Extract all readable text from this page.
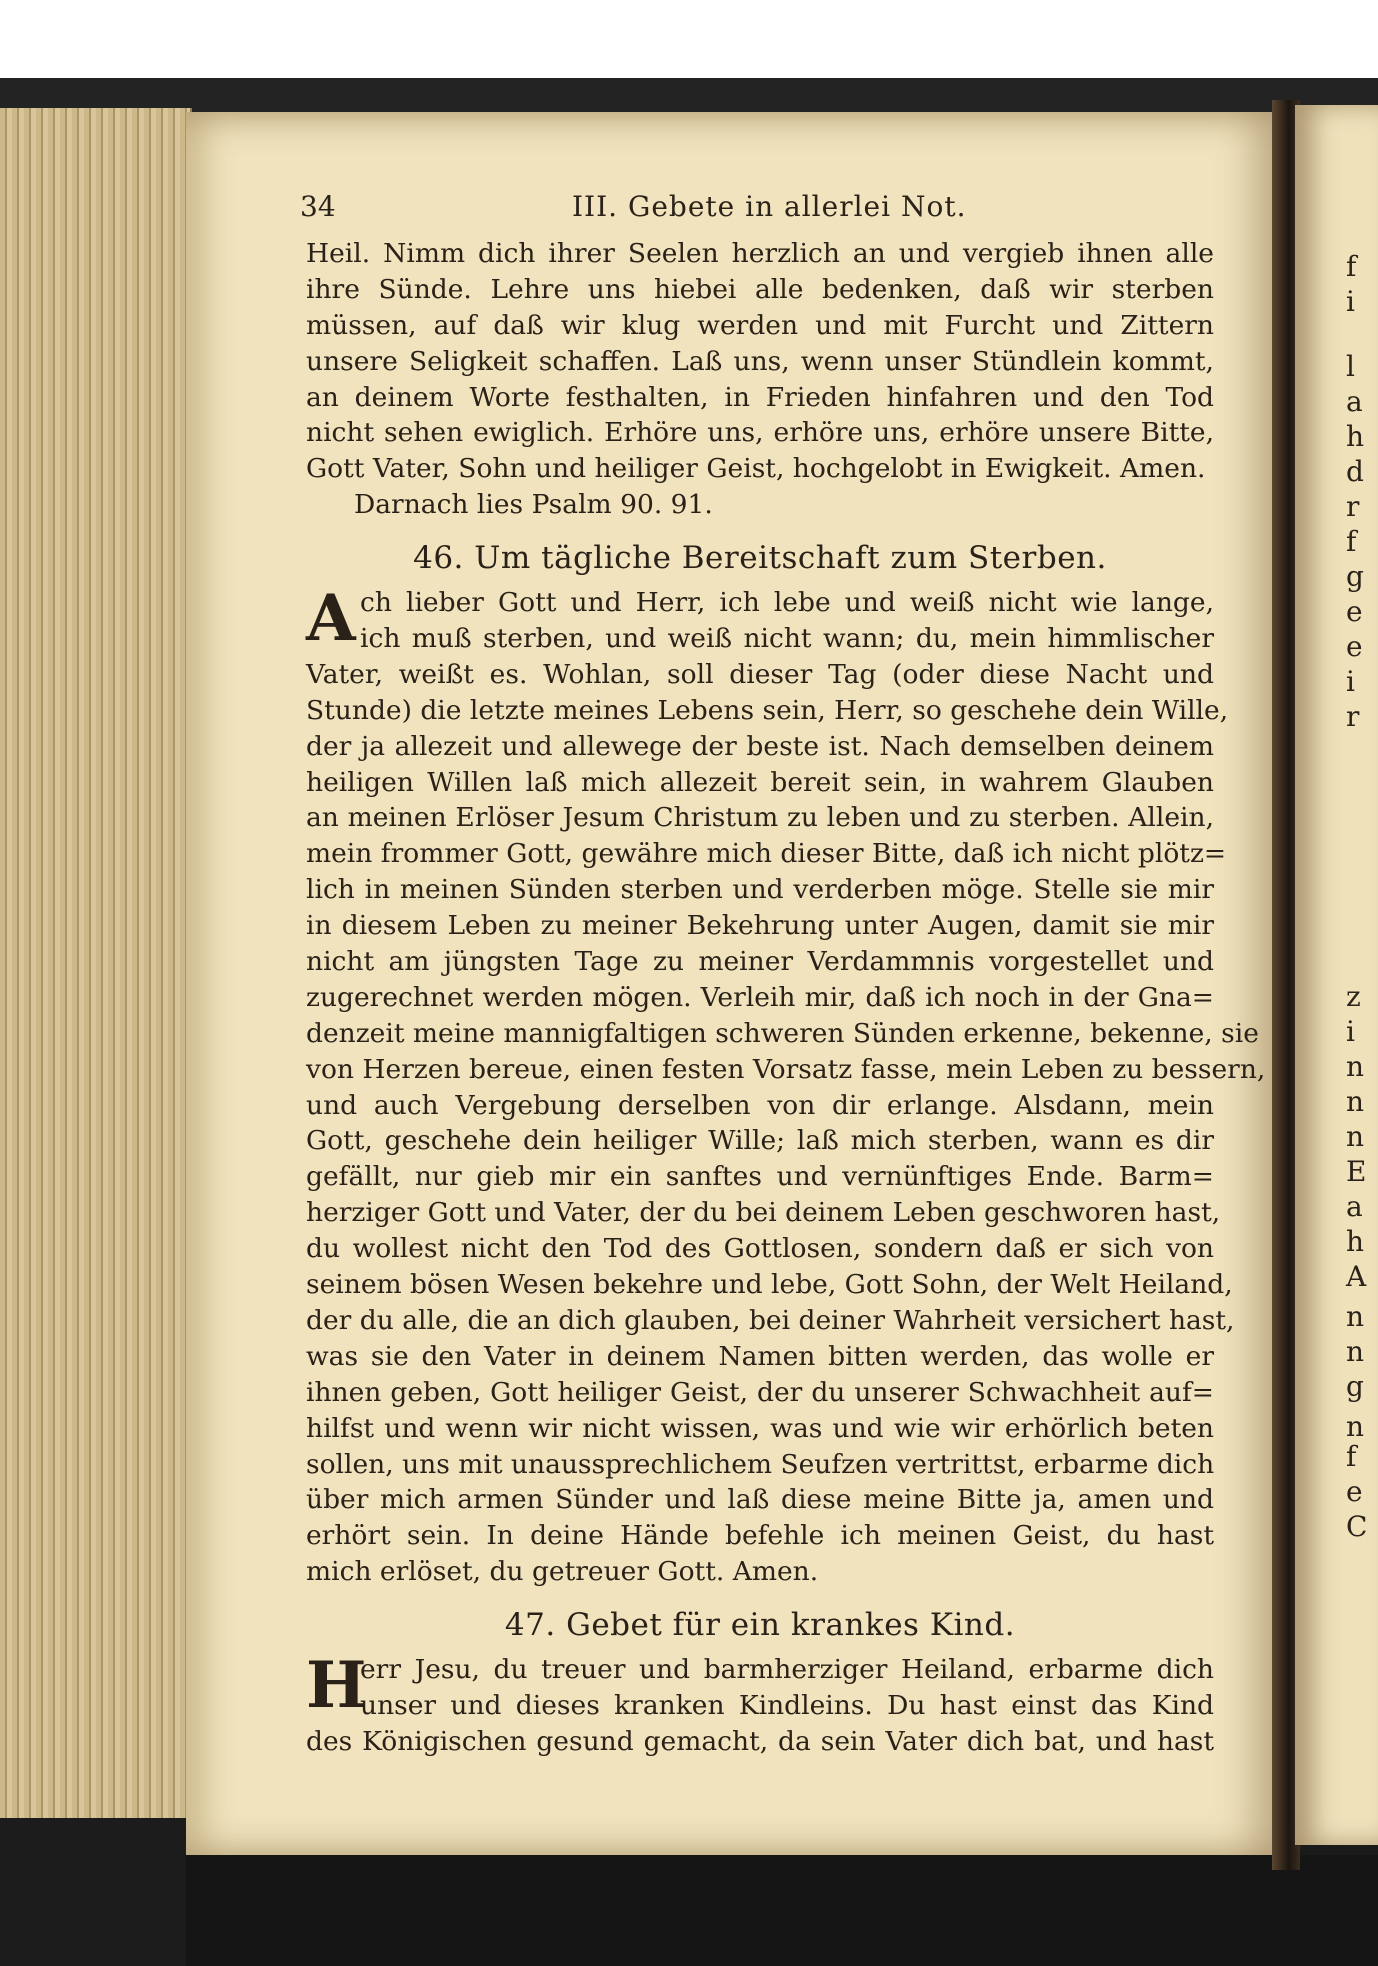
f
i
l
a
h
d
r
f
g
e
e
i
r
z
i
n
n
n
E
a
h
A
n
n
g
n
f
e
C
34	III. Gebete in allerlei Not.
Heil. Nimm dich ihrer Seelen herzlich an und vergieb ihnen alle
ihre Sünde. Lehre uns hiebei alle bedenken, daß wir sterben
müssen, auf daß wir klug werden und mit Furcht und Zittern
unsere Seligkeit schaffen. Laß uns, wenn unser Stündlein kommt,
an deinem Worte festhalten, in Frieden hinfahren und den Tod
nicht sehen ewiglich. Erhöre uns, erhöre uns, erhöre unsere Bitte,
Gott Vater, Sohn und heiliger Geist, hochgelobt in Ewigkeit. Amen.
Darnach lies Psalm 90. 91.
46. Um tägliche Bereitschaft zum Sterben.
A ch lieber Gott und Herr, ich lebe und weiß nicht wie lange,
ich muß sterben, und weiß nicht wann; du, mein himmlischer
Vater, weißt es. Wohlan, soll dieser Tag (oder diese Nacht und
Stunde) die letzte meines Lebens sein, Herr, so geschehe dein Wille,
der ja allezeit und allewege der beste ist. Nach demselben deinem
heiligen Willen laß mich allezeit bereit sein, in wahrem Glauben
an meinen Erlöser Jesum Christum zu leben und zu sterben. Allein,
mein frommer Gott, gewähre mich dieser Bitte, daß ich nicht plötz=
lich in meinen Sünden sterben und verderben möge. Stelle sie mir
in diesem Leben zu meiner Bekehrung unter Augen, damit sie mir
nicht am jüngsten Tage zu meiner Verdammnis vorgestellet und
zugerechnet werden mögen. Verleih mir, daß ich noch in der Gna=
denzeit meine mannigfaltigen schweren Sünden erkenne, bekenne, sie
von Herzen bereue, einen festen Vorsatz fasse, mein Leben zu bessern,
und auch Vergebung derselben von dir erlange. Alsdann, mein
Gott, geschehe dein heiliger Wille; laß mich sterben, wann es dir
gefällt, nur gieb mir ein sanftes und vernünftiges Ende. Barm=
herziger Gott und Vater, der du bei deinem Leben geschworen hast,
du wollest nicht den Tod des Gottlosen, sondern daß er sich von
seinem bösen Wesen bekehre und lebe, Gott Sohn, der Welt Heiland,
der du alle, die an dich glauben, bei deiner Wahrheit versichert hast,
was sie den Vater in deinem Namen bitten werden, das wolle er
ihnen geben, Gott heiliger Geist, der du unserer Schwachheit auf=
hilfst und wenn wir nicht wissen, was und wie wir erhörlich beten
sollen, uns mit unaussprechlichem Seufzen vertrittst, erbarme dich
über mich armen Sünder und laß diese meine Bitte ja, amen und
erhört sein. In deine Hände befehle ich meinen Geist, du hast
mich erlöset, du getreuer Gott. Amen.
47. Gebet für ein krankes Kind.
H
err Jesu, du treuer und barmherziger Heiland, erbarme dich
unser und dieses kranken Kindleins. Du hast einst das Kind
des Königischen gesund gemacht, da sein Vater dich bat, und hast
